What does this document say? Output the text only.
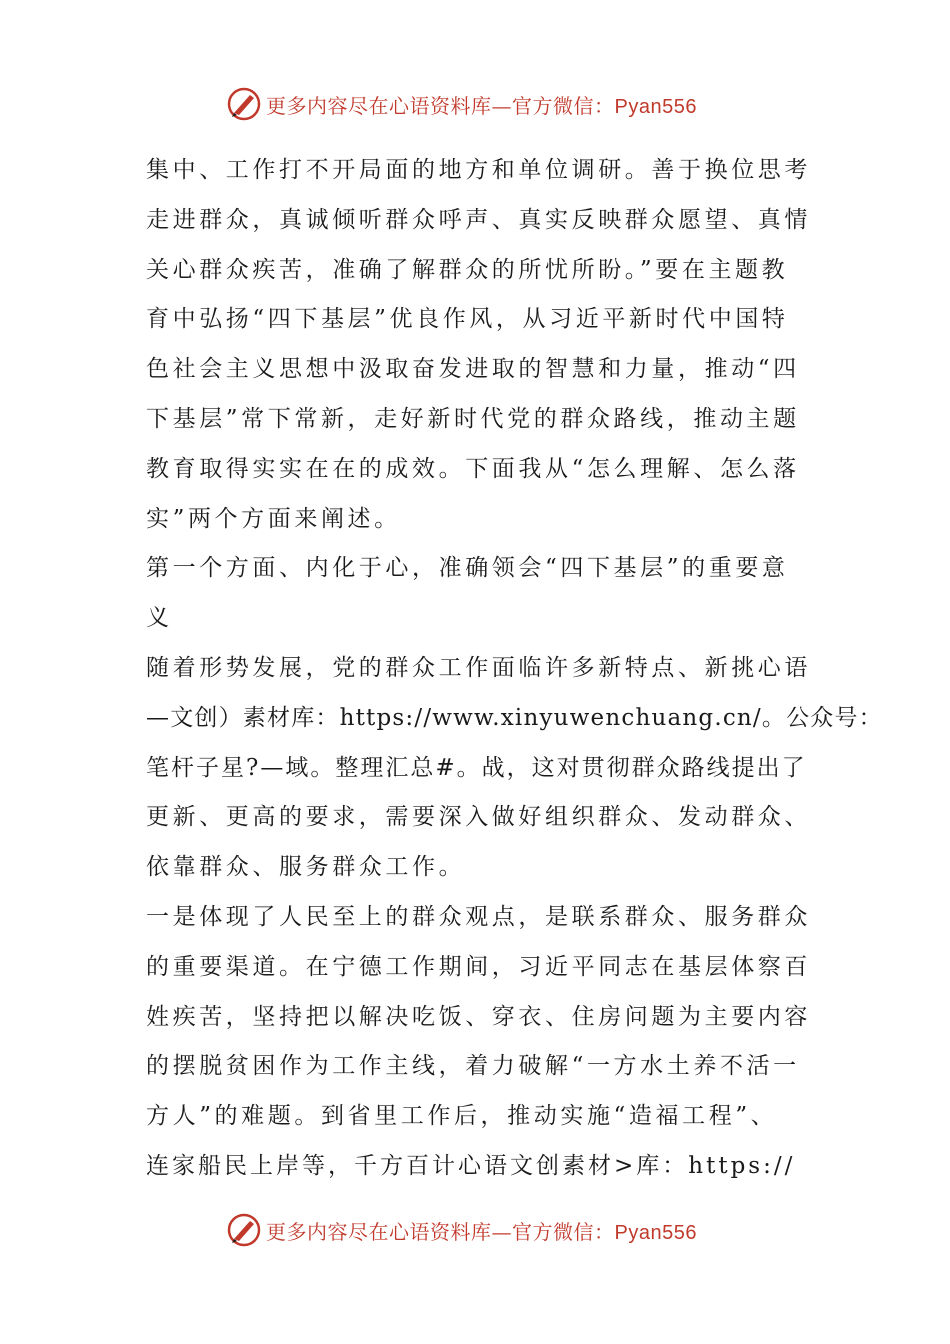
更多内容尽在心语资料库—官方微信：Pyan556
集中、工作打不开局面的地方和单位调研。善于换位思考
走进群众，真诚倾听群众呼声、真实反映群众愿望、真情
关心群众疾苦，准确了解群众的所忧所盼。”要在主题教
育中弘扬“四下基层”优良作风，从习近平新时代中国特
色社会主义思想中汲取奋发进取的智慧和力量，推动“四
下基层”常下常新，走好新时代党的群众路线，推动主题
教育取得实实在在的成效。下面我从“怎么理解、怎么落
实”两个方面来阐述。
第一个方面、内化于心，准确领会“四下基层”的重要意
义
随着形势发展，党的群众工作面临许多新特点、新挑心语
—文创）素材库：https://www.xinyuwenchuang.cn/。公众号：
笔杆子星?—域。整理汇总#。战，这对贯彻群众路线提出了
更新、更高的要求，需要深入做好组织群众、发动群众、
依靠群众、服务群众工作。
一是体现了人民至上的群众观点，是联系群众、服务群众
的重要渠道。在宁德工作期间，习近平同志在基层体察百
姓疾苦，坚持把以解决吃饭、穿衣、住房问题为主要内容
的摆脱贫困作为工作主线，着力破解“一方水土养不活一
方人”的难题。到省里工作后，推动实施“造福工程”、
连家船民上岸等，千方百计心语文创素材>库：https://
更多内容尽在心语资料库—官方微信：Pyan556
